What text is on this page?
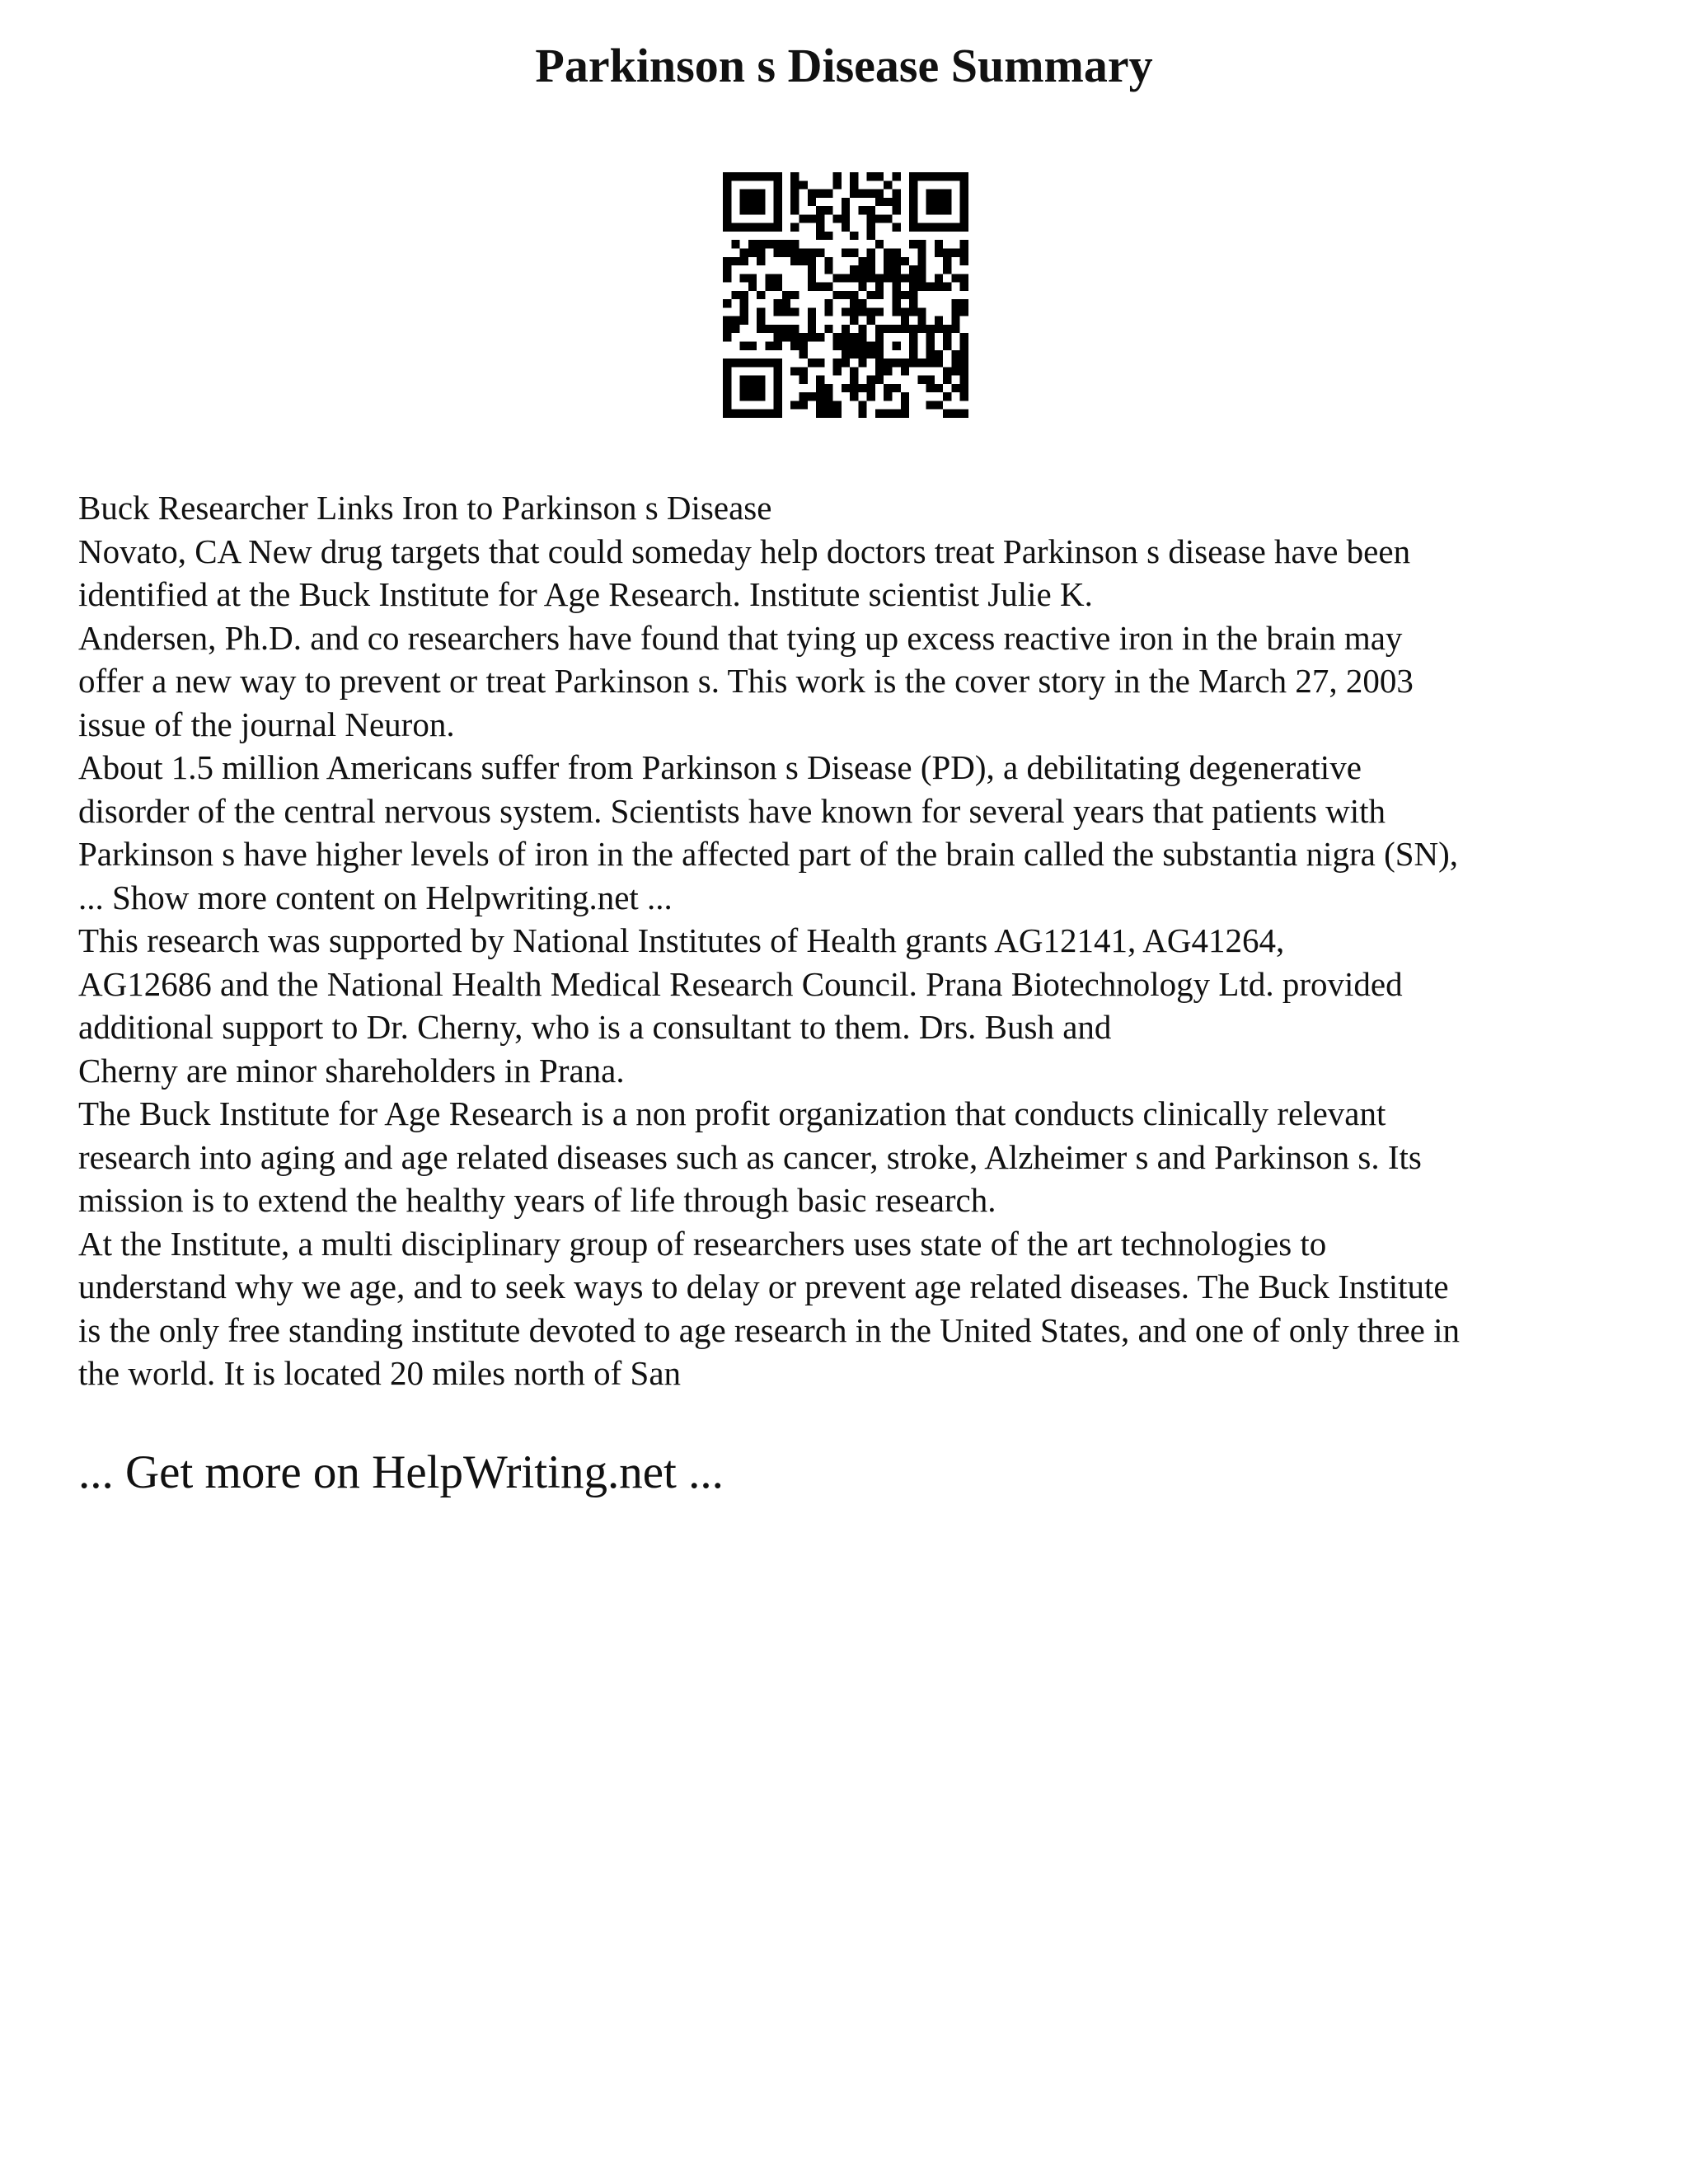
Parkinson s Disease Summary

Buck Researcher Links Iron to Parkinson s Disease

Novato, CA New drug targets that could someday help doctors treat Parkinson s disease have been

identified at the Buck Institute for Age Research. Institute scientist Julie K.

Andersen, Ph.D. and co researchers have found that tying up excess reactive iron in the brain may

offer a new way to prevent or treat Parkinson s. This work is the cover story in the March 27, 2003

issue of the journal Neuron.

About 1.5 million Americans suffer from Parkinson s Disease (PD), a debilitating degenerative

disorder of the central nervous system. Scientists have known for several years that patients with

Parkinson s have higher levels of iron in the affected part of the brain called the substantia nigra (SN),

... Show more content on Helpwriting.net ...

This research was supported by National Institutes of Health grants AG12141, AG41264,

AG12686 and the National Health Medical Research Council. Prana Biotechnology Ltd. provided

additional support to Dr. Cherny, who is a consultant to them. Drs. Bush and

Cherny are minor shareholders in Prana.

The Buck Institute for Age Research is a non profit organization that conducts clinically relevant

research into aging and age related diseases such as cancer, stroke, Alzheimer s and Parkinson s. Its

mission is to extend the healthy years of life through basic research.

At the Institute, a multi disciplinary group of researchers uses state of the art technologies to

understand why we age, and to seek ways to delay or prevent age related diseases. The Buck Institute

is the only free standing institute devoted to age research in the United States, and one of only three in

the world. It is located 20 miles north of San

... Get more on HelpWriting.net ...
